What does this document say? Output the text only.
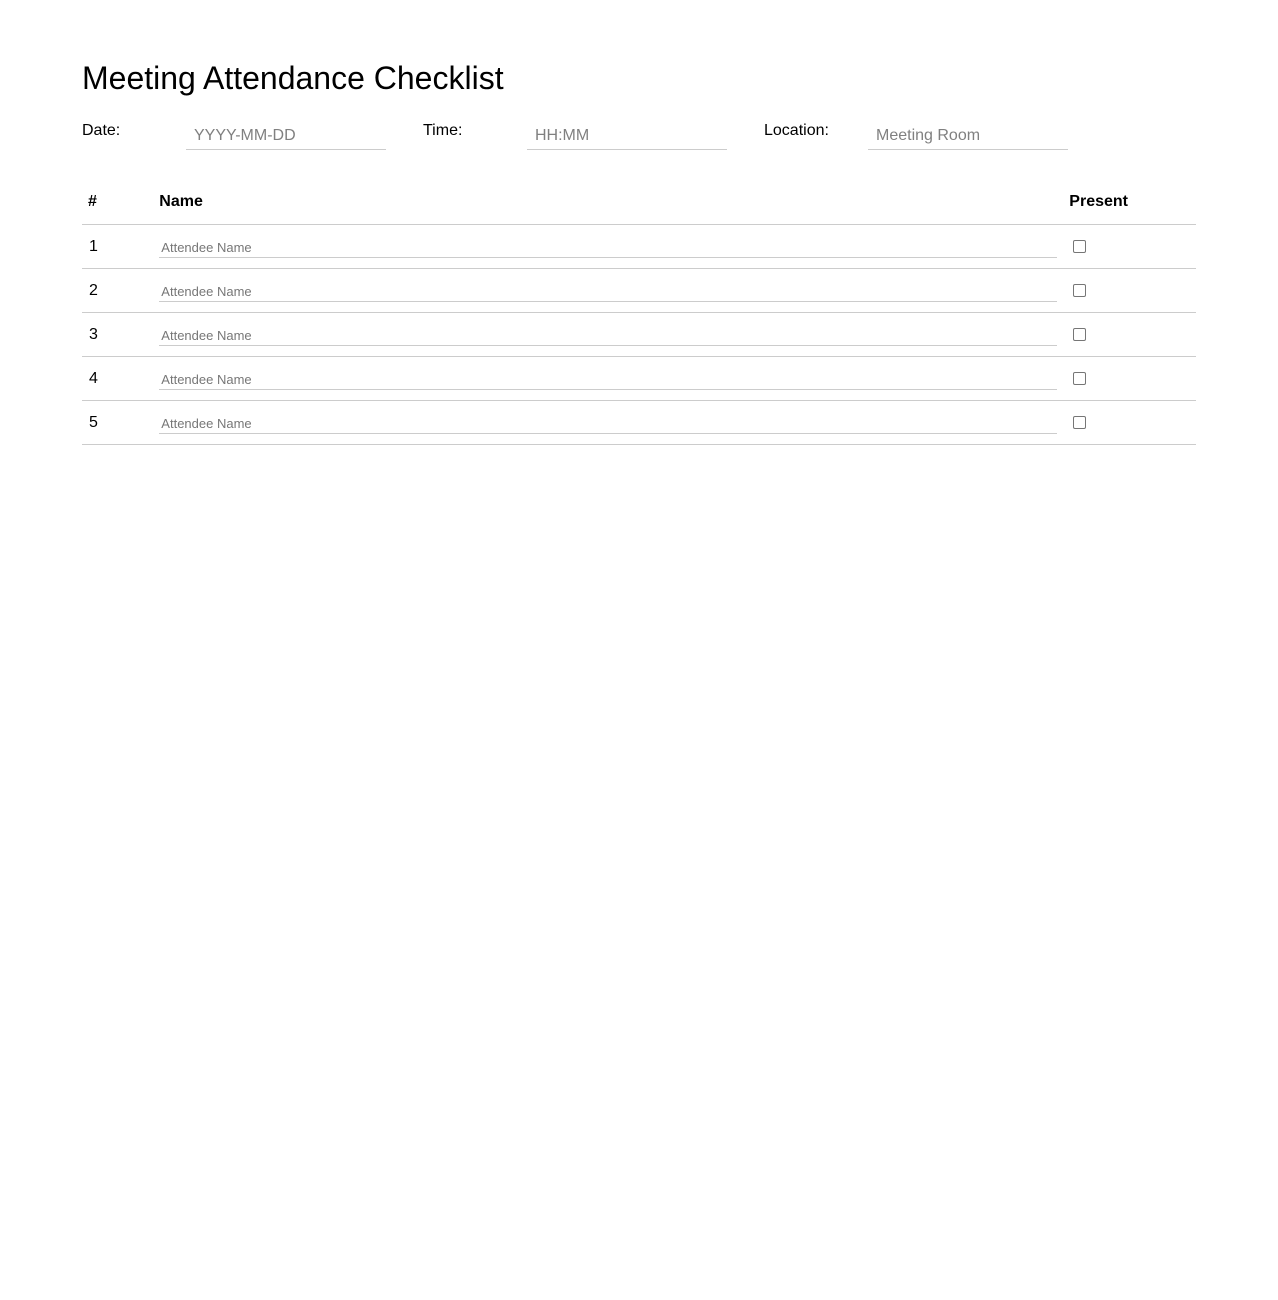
Meeting Attendance Checklist
Date:
YYYY-MM-DD	Time:
HH:MM	Location:
Meeting Room
#	Name	Present
1	Attendee Name	

2	Attendee Name	

3	Attendee Name	

4	Attendee Name	

5	Attendee Name	
